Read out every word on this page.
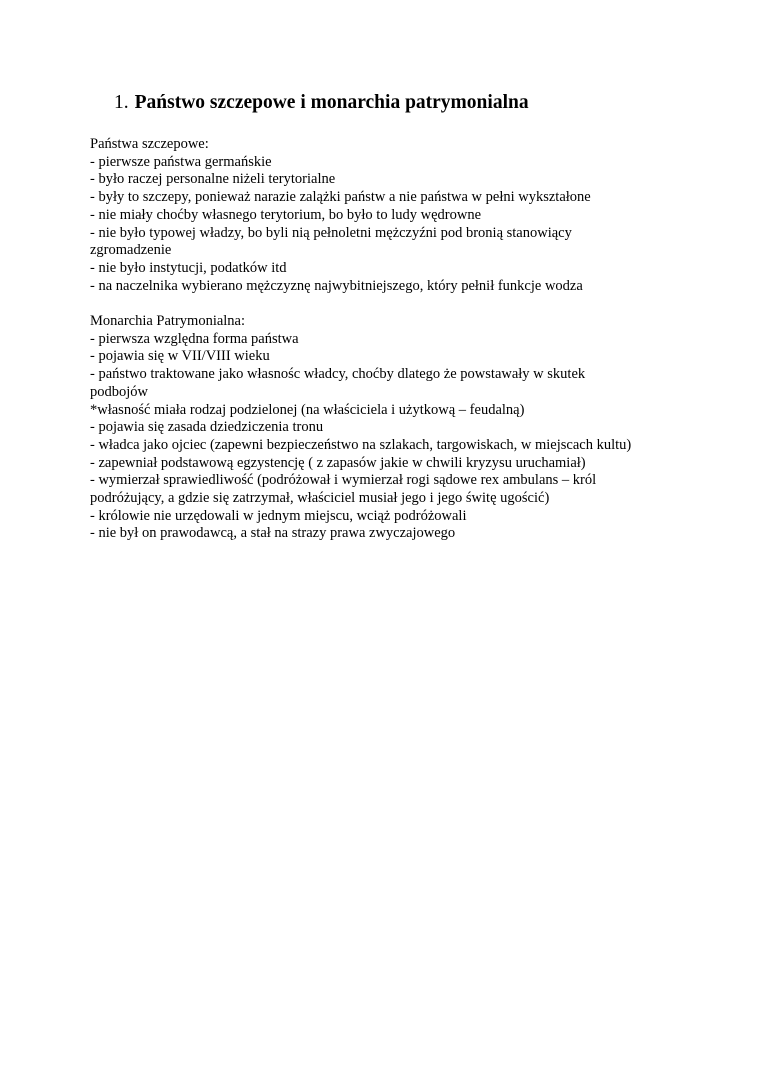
1. Państwo szczepowe i monarchia patrymonialna
Państwa szczepowe:
- pierwsze państwa germańskie
- było raczej personalne niżeli terytorialne
- były to szczepy, ponieważ narazie zalążki państw a nie państwa w pełni wykształone
- nie miały choćby własnego terytorium, bo było to ludy wędrowne
- nie było typowej władzy, bo byli nią pełnoletni mężczyźni pod bronią stanowiący
zgromadzenie
- nie było instytucji, podatków itd
- na naczelnika wybierano mężczyznę najwybitniejszego, który pełnił funkcje wodza
Monarchia Patrymonialna:
- pierwsza względna forma państwa
- pojawia się w VII/VIII wieku
- państwo traktowane jako własnośc władcy, choćby dlatego że powstawały w skutek
podbojów
*własność miała rodzaj podzielonej (na właściciela i użytkową – feudalną)
- pojawia się zasada dziedziczenia tronu
- władca jako ojciec (zapewni bezpieczeństwo na szlakach, targowiskach, w miejscach kultu)
- zapewniał podstawową egzystencję ( z zapasów jakie w chwili kryzysu uruchamiał)
- wymierzał sprawiedliwość (podróżował i wymierzał rogi sądowe rex ambulans – król
podróżujący, a gdzie się zatrzymał, właściciel musiał jego i jego świtę ugościć)
- królowie nie urzędowali w jednym miejscu, wciąż podróżowali
- nie był on prawodawcą, a stał na strazy prawa zwyczajowego
